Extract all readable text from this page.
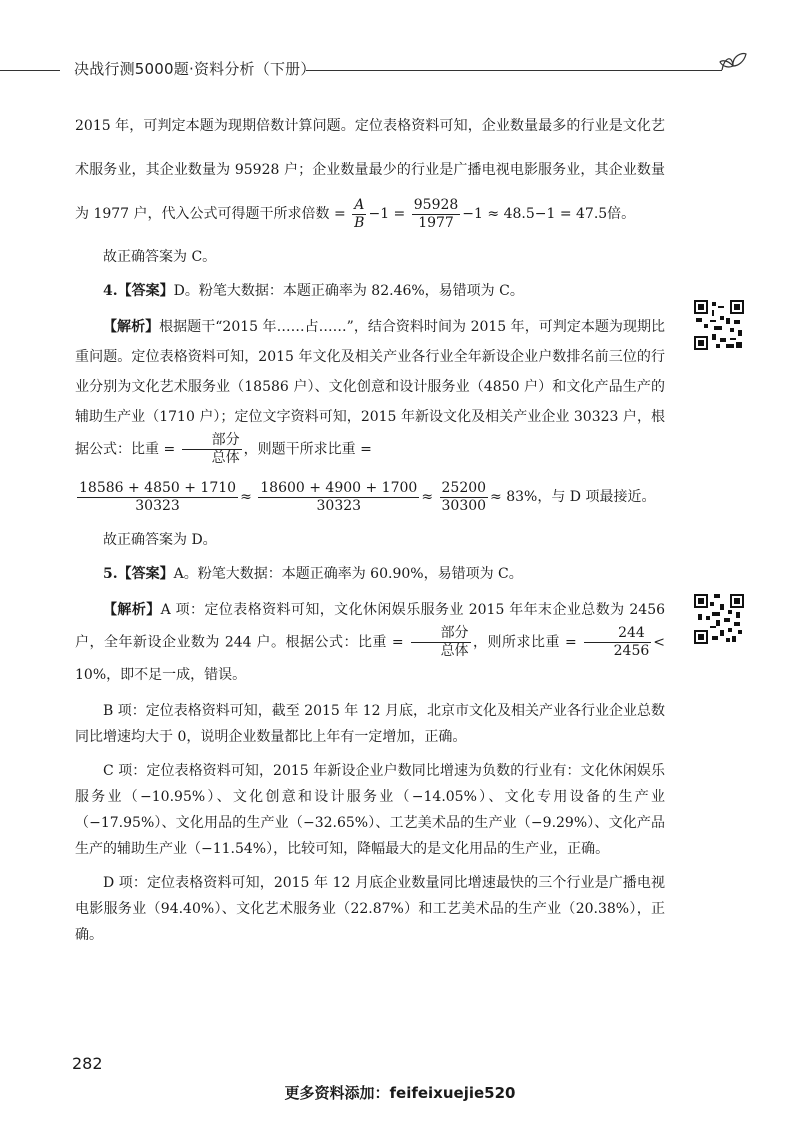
决战行测5000题·资料分析（下册）

2015 年，可判定本题为现期倍数计算问题。定位表格资料可知，企业数量最多的行业是文化艺术服务业，其企业数量为 95928 户；企业数量最少的行业是广播电视电影服务业，其企业数量为 1977 户，代入公式可得题干所求倍数 = $\frac{A}{B} -1 = \frac{95928}{1977} -1 \approx 48.5-1 = 47.5$倍。

故正确答案为 C。

4.【答案】D。粉笔大数据：本题正确率为 82.46%，易错项为 C。

【解析】根据题干“2015 年……占……”，结合资料时间为 2015 年，可判定本题为现期比重问题。定位表格资料可知，2015 年文化及相关产业各行业全年新设企业户数排名前三位的行业分别为文化艺术服务业（18586 户）、文化创意和设计服务业（4850 户）和文化产品生产的辅助生产业（1710 户）；定位文字资料可知，2015 年新设文化及相关产业企业 30323 户，根据公式：比重 = $\frac{\text{部分}}{\text{总体}}$ ，则题干所求比重 =

$\frac{18586 + 4850 + 1710}{30323} \approx \frac{18600 + 4900 + 1700}{30323} \approx \frac{25200}{30300} \approx 83\%$，与 D 项最接近。

故正确答案为 D。

5.【答案】A。粉笔大数据：本题正确率为 60.90%，易错项为 C。

【解析】A 项：定位表格资料可知，文化休闲娱乐服务业 2015 年年末企业总数为 2456 户，全年新设企业数为 244 户。根据公式：比重 = $\frac{\text{部分}}{\text{总体}}$ ，则所求比重 = $\frac{244}{2456} < 10\%$，即不足一成，错误。

B 项：定位表格资料可知，截至 2015 年 12 月底，北京市文化及相关产业各行业企业总数同比增速均大于 0，说明企业数量都比上年有一定增加，正确。

C 项：定位表格资料可知，2015 年新设企业户数同比增速为负数的行业有：文化休闲娱乐服务业（−10.95%）、文化创意和设计服务业（−14.05%）、文化专用设备的生产业（−17.95%）、文化用品的生产业（−32.65%）、工艺美术品的生产业（−9.29%）、文化产品生产的辅助生产业（−11.54%），比较可知，降幅最大的是文化用品的生产业，正确。

D 项：定位表格资料可知，2015 年 12 月底企业数量同比增速最快的三个行业是广播电视电影服务业（94.40%）、文化艺术服务业（22.87%）和工艺美术品的生产业（20.38%），正确。

282
更多资料添加：feifeixuejie520
